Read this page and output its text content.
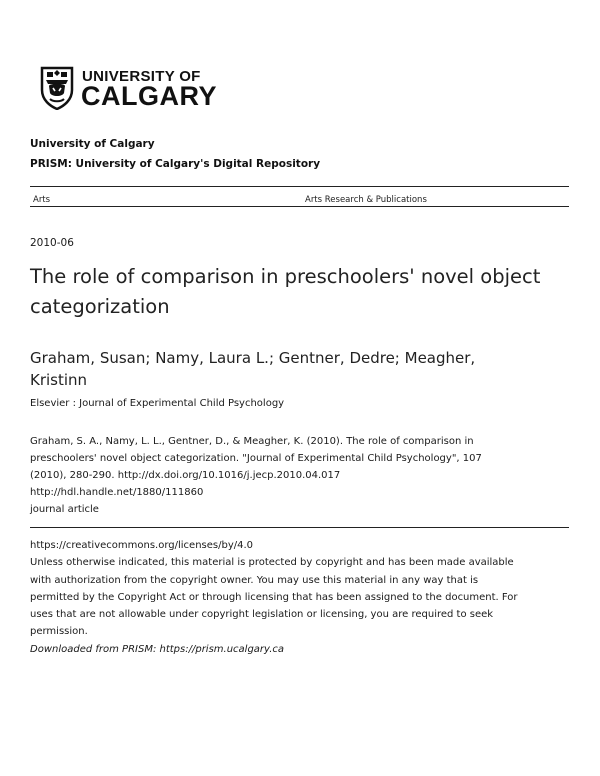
UNIVERSITY OF
CALGARY
University of Calgary
PRISM: University of Calgary's Digital Repository
Arts	Arts Research & Publications
2010-06
The role of comparison in preschoolers' novel object
categorization
Graham, Susan; Namy, Laura L.; Gentner, Dedre; Meagher,
Kristinn
Elsevier : Journal of Experimental Child Psychology
Graham, S. A., Namy, L. L., Gentner, D., & Meagher, K. (2010). The role of comparison in
preschoolers' novel object categorization. "Journal of Experimental Child Psychology", 107
(2010), 280-290. http://dx.doi.org/10.1016/j.jecp.2010.04.017
http://hdl.handle.net/1880/111860
journal article
https://creativecommons.org/licenses/by/4.0
Unless otherwise indicated, this material is protected by copyright and has been made available
with authorization from the copyright owner. You may use this material in any way that is
permitted by the Copyright Act or through licensing that has been assigned to the document. For
uses that are not allowable under copyright legislation or licensing, you are required to seek
permission.
Downloaded from PRISM: https://prism.ucalgary.ca
